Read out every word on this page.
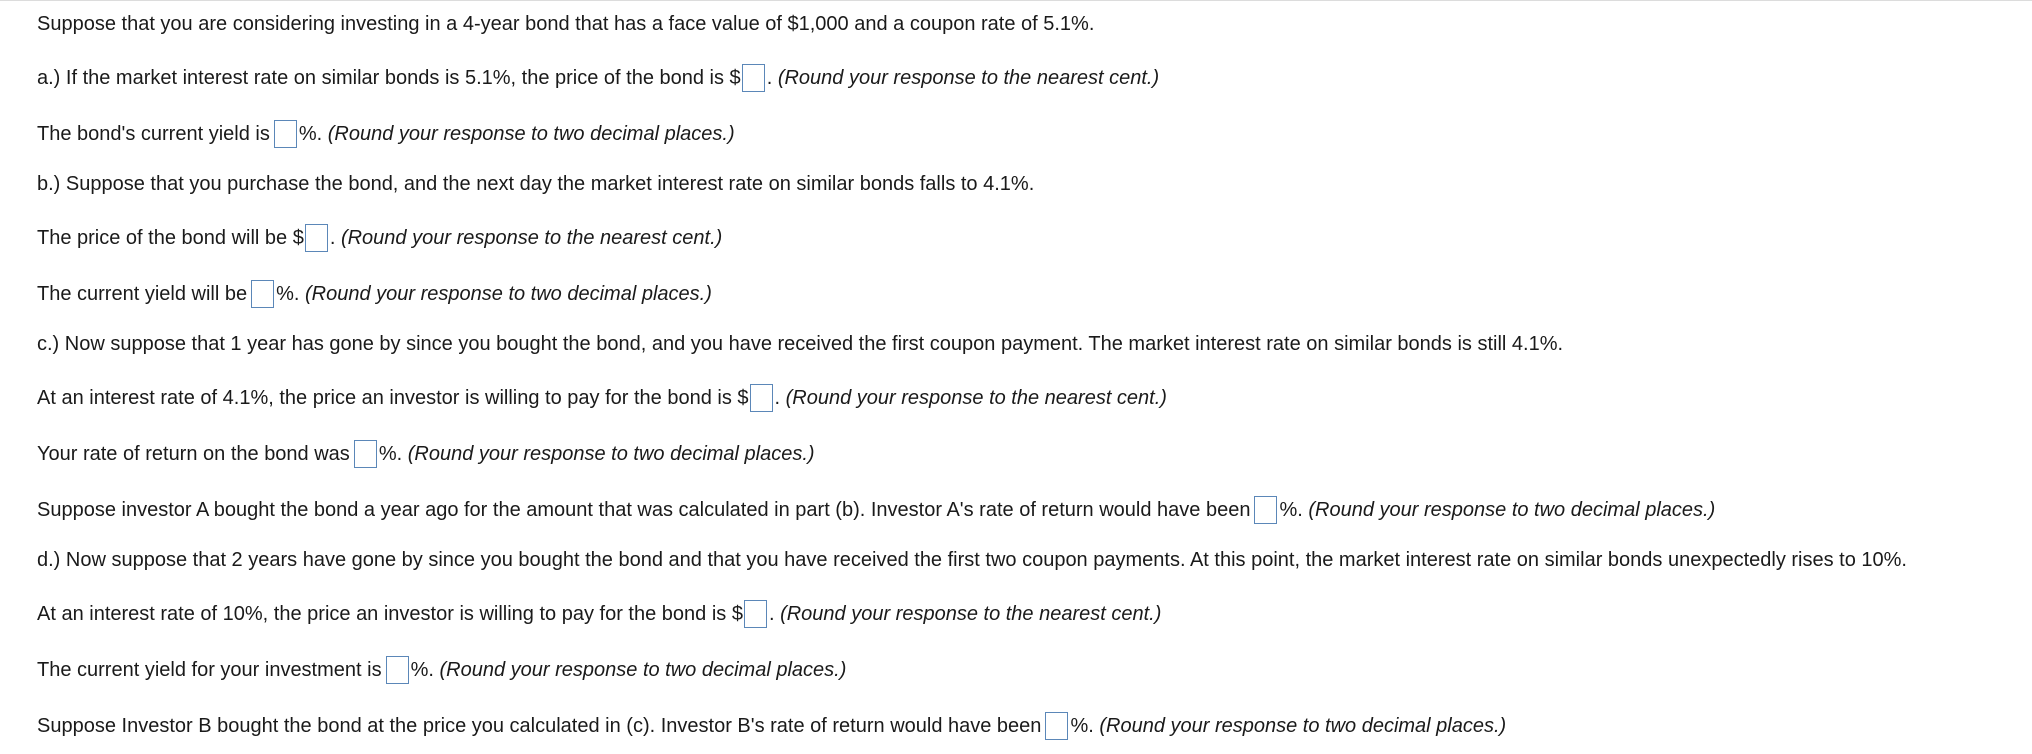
Suppose that you are considering investing in a 4-year bond that has a face value of $1,000 and a coupon rate of 5.1%.
a.) If the market interest rate on similar bonds is 5.1%, the price of the bond is $ .
(Round your response to the nearest cent.)
The bond's current yield is %.
(Round your response to two decimal places.)
b.) Suppose that you purchase the bond, and the next day the market interest rate on similar bonds falls to 4.1%.
The price of the bond will be $ .
(Round your response to the nearest cent.)
The current yield will be %.
(Round your response to two decimal places.)
c.) Now suppose that 1 year has gone by since you bought the bond, and you have received the first coupon payment. The market interest rate on similar bonds is still 4.1%.
At an interest rate of 4.1%, the price an investor is willing to pay for the bond is $ .
(Round your response to the nearest cent.)
Your rate of return on the bond was %.
(Round your response to two decimal places.)
Suppose investor A bought the bond a year ago for the amount that was calculated in part (b). Investor A's rate of return would have been %.
(Round your response to two decimal places.)
d.) Now suppose that 2 years have gone by since you bought the bond and that you have received the first two coupon payments. At this point, the market interest rate on similar bonds unexpectedly rises to 10%.
At an interest rate of 10%, the price an investor is willing to pay for the bond is $ .
(Round your response to the nearest cent.)
The current yield for your investment is %.
(Round your response to two decimal places.)
Suppose Investor B bought the bond at the price you calculated in (c). Investor B's rate of return would have been %.
(Round your response to two decimal places.)
